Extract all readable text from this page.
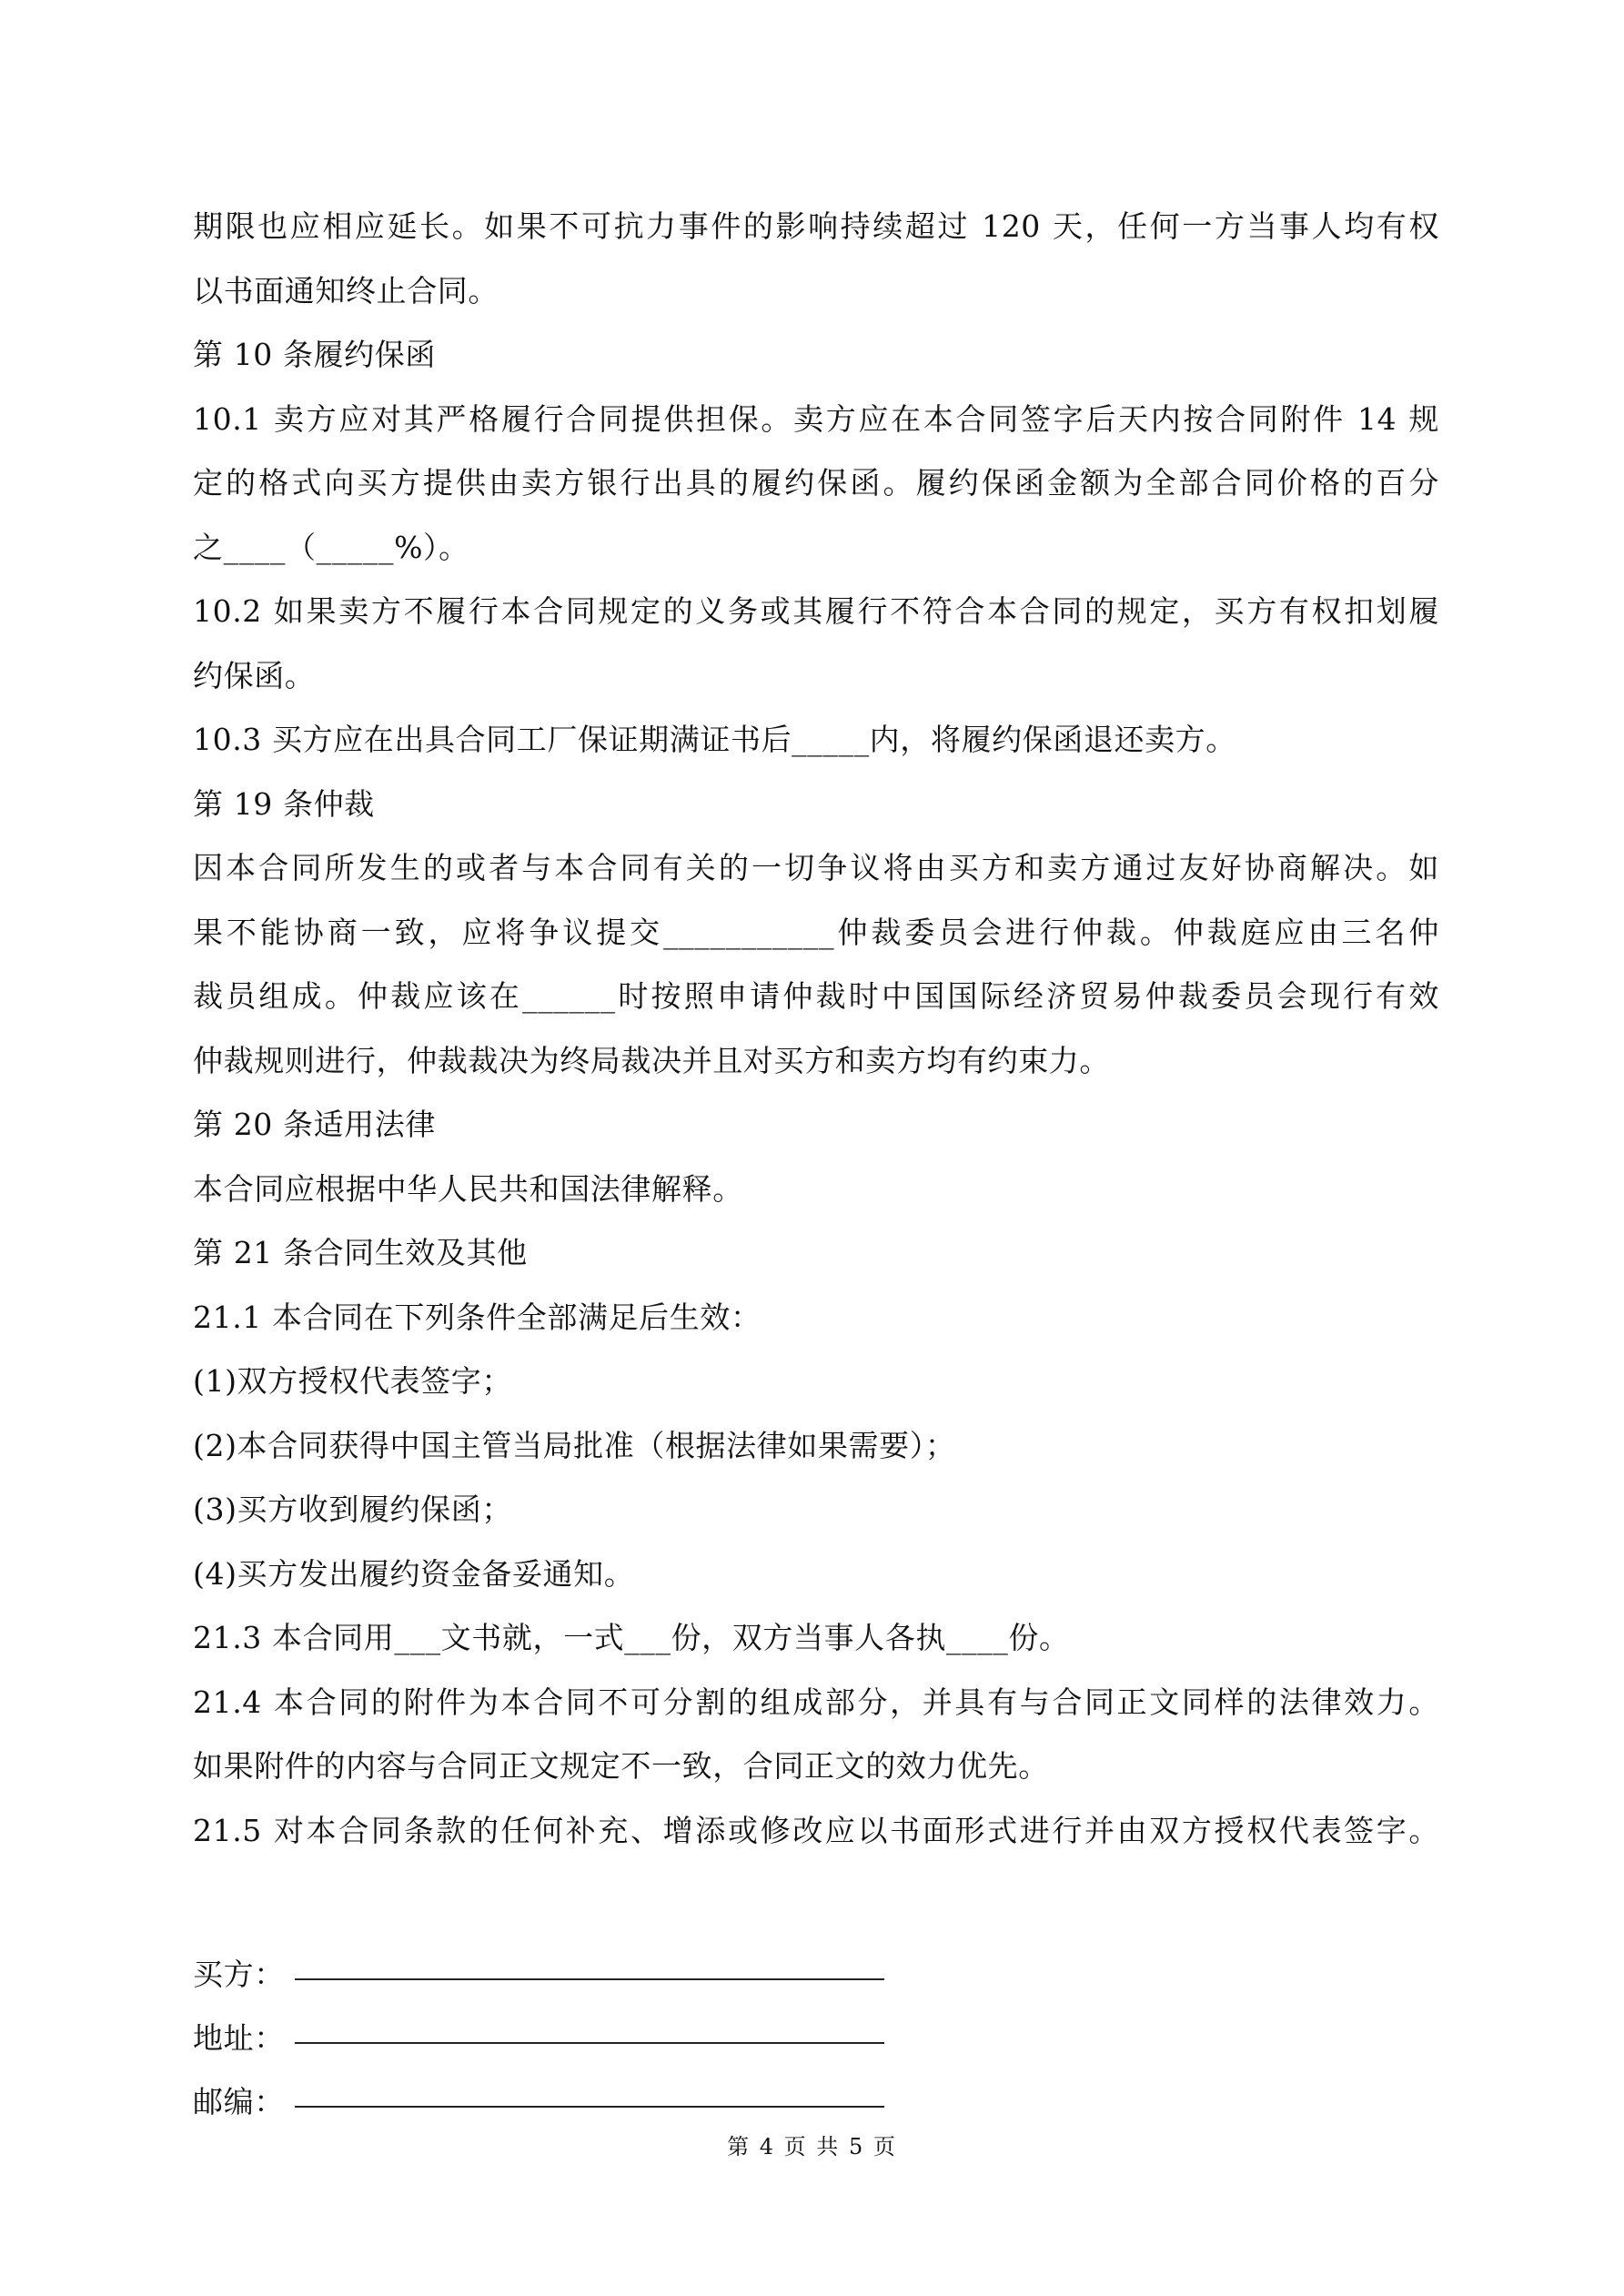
期限也应相应延长。如果不可抗力事件的影响持续超过 120 天，任何一方当事人均有权
以书面通知终止合同。
第 10 条履约保函
10.1 卖方应对其严格履行合同提供担保。卖方应在本合同签字后天内按合同附件 14 规
定的格式向买方提供由卖方银行出具的履约保函。履约保函金额为全部合同价格的百分
之____（_____%）。
10.2 如果卖方不履行本合同规定的义务或其履行不符合本合同的规定，买方有权扣划履
约保函。
10.3 买方应在出具合同工厂保证期满证书后_____内，将履约保函退还卖方。
第 19 条仲裁
因本合同所发生的或者与本合同有关的一切争议将由买方和卖方通过友好协商解决。如
果不能协商一致，应将争议提交___________仲裁委员会进行仲裁。仲裁庭应由三名仲
裁员组成。仲裁应该在______时按照申请仲裁时中国国际经济贸易仲裁委员会现行有效
仲裁规则进行，仲裁裁决为终局裁决并且对买方和卖方均有约束力。
第 20 条适用法律
本合同应根据中华人民共和国法律解释。
第 21 条合同生效及其他
21.1 本合同在下列条件全部满足后生效：
(1)双方授权代表签字；
(2)本合同获得中国主管当局批准（根据法律如果需要）；
(3)买方收到履约保函；
(4)买方发出履约资金备妥通知。
21.3 本合同用___文书就，一式___份，双方当事人各执____份。
21.4 本合同的附件为本合同不可分割的组成部分，并具有与合同正文同样的法律效力。
如果附件的内容与合同正文规定不一致，合同正文的效力优先。
21.5 对本合同条款的任何补充、增添或修改应以书面形式进行并由双方授权代表签字。
买方：
地址：
邮编：
第 4 页 共 5 页
